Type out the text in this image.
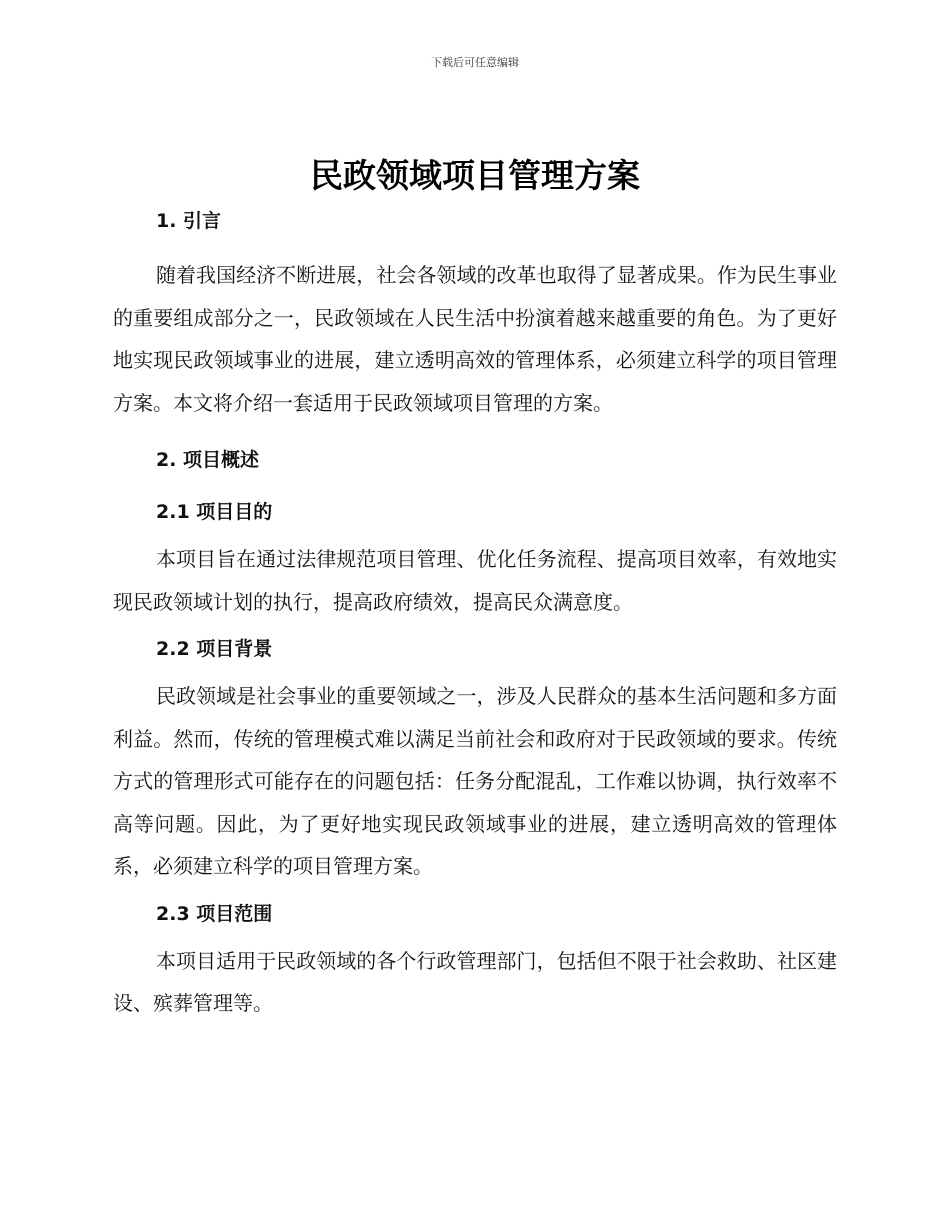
下载后可任意编辑
民政领域项目管理方案
1. 引言

随着我国经济不断进展，社会各领域的改革也取得了显著成果。作为民生事业的重要组成部分之一，民政领域在人民生活中扮演着越来越重要的角色。为了更好地实现民政领域事业的进展，建立透明高效的管理体系，必须建立科学的项目管理方案。本文将介绍一套适用于民政领域项目管理的方案。

2. 项目概述
2.1 项目目的

本项目旨在通过法律规范项目管理、优化任务流程、提高项目效率，有效地实现民政领域计划的执行，提高政府绩效，提高民众满意度。

2.2 项目背景

民政领域是社会事业的重要领域之一，涉及人民群众的基本生活问题和多方面利益。然而，传统的管理模式难以满足当前社会和政府对于民政领域的要求。传统方式的管理形式可能存在的问题包括：任务分配混乱，工作难以协调，执行效率不高等问题。因此，为了更好地实现民政领域事业的进展，建立透明高效的管理体系，必须建立科学的项目管理方案。

2.3 项目范围

本项目适用于民政领域的各个行政管理部门，包括但不限于社会救助、社区建设、殡葬管理等。
